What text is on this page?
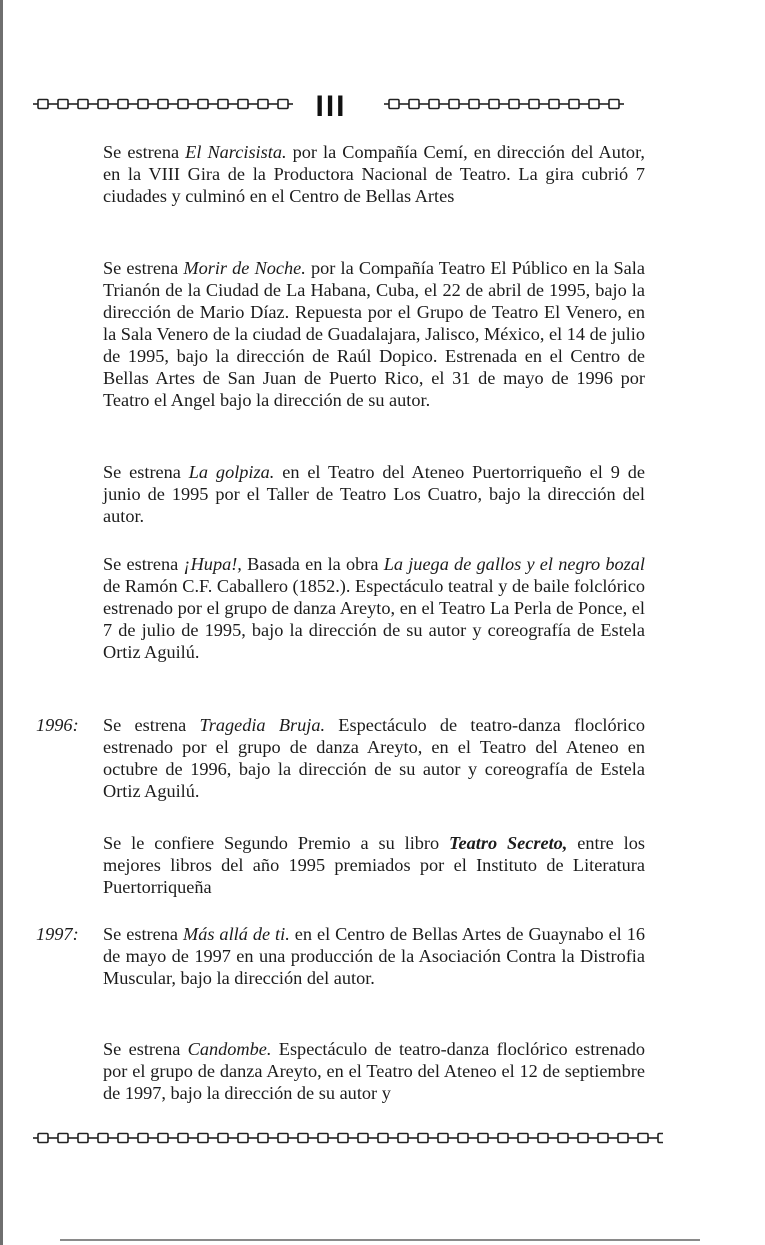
III

Se estrena El Narcisista. por la Compañía Cemí, en dirección del Autor, en la VIII Gira de la Productora Nacional de Teatro. La gira cubrió 7 ciudades y culminó en el Centro de Bellas Artes

Se estrena Morir de Noche. por la Compañía Teatro El Público en la Sala Trianón de la Ciudad de La Habana, Cuba, el 22 de abril de 1995, bajo la dirección de Mario Díaz. Repuesta por el Grupo de Teatro El Venero, en la Sala Venero de la ciudad de Guadalajara, Jalisco, México, el 14 de julio de 1995, bajo la dirección de Raúl Dopico. Estrenada en el Centro de Bellas Artes de San Juan de Puerto Rico, el 31 de mayo de 1996 por Teatro el Angel bajo la dirección de su autor.

Se estrena La golpiza. en el Teatro del Ateneo Puertorriqueño el 9 de junio de 1995 por el Taller de Teatro Los Cuatro, bajo la dirección del autor.

Se estrena ¡Hupa!, Basada en la obra La juega de gallos y el negro bozal de Ramón C.F. Caballero (1852.). Espectáculo teatral y de baile folclórico estrenado por el grupo de danza Areyto, en el Teatro La Perla de Ponce, el 7 de julio de 1995, bajo la dirección de su autor y coreografía de Estela Ortiz Aguilú.

1996: Se estrena Tragedia Bruja. Espectáculo de teatro-danza floclórico estrenado por el grupo de danza Areyto, en el Teatro del Ateneo en octubre de 1996, bajo la dirección de su autor y coreografía de Estela Ortiz Aguilú.

Se le confiere Segundo Premio a su libro Teatro Secreto, entre los mejores libros del año 1995 premiados por el Instituto de Literatura Puertorriqueña

1997: Se estrena Más allá de ti. en el Centro de Bellas Artes de Guaynabo el 16 de mayo de 1997 en una producción de la Asociación Contra la Distrofia Muscular, bajo la dirección del autor.

Se estrena Candombe. Espectáculo de teatro-danza floclórico estrenado por el grupo de danza Areyto, en el Teatro del Ateneo el 12 de septiembre de 1997, bajo la dirección de su autor y
